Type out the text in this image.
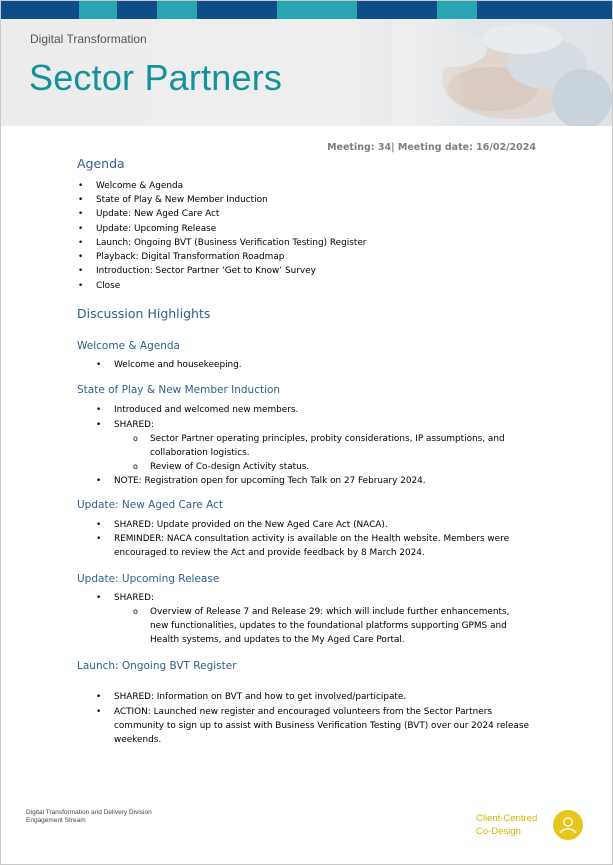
Digital Transformation
Sector Partners
Meeting: 34| Meeting date: 16/02/2024
Agenda
• Welcome & Agenda
• State of Play & New Member Induction
• Update: New Aged Care Act
• Update: Upcoming Release
• Launch: Ongoing BVT (Business Verification Testing) Register
• Playback: Digital Transformation Roadmap
• Introduction: Sector Partner ‘Get to Know’ Survey
• Close
Discussion Highlights
Welcome & Agenda
• Welcome and housekeeping.
State of Play & New Member Induction
• Introduced and welcomed new members.
• SHARED:
o Sector Partner operating principles, probity considerations, IP assumptions, and
collaboration logistics.
o Review of Co-design Activity status.
• NOTE: Registration open for upcoming Tech Talk on 27 February 2024.
Update: New Aged Care Act
• SHARED: Update provided on the New Aged Care Act (NACA).
• REMINDER: NACA consultation activity is available on the Health website. Members were
encouraged to review the Act and provide feedback by 8 March 2024.
Update: Upcoming Release
• SHARED:
o Overview of Release 7 and Release 29: which will include further enhancements,
new functionalities, updates to the foundational platforms supporting GPMS and
Health systems, and updates to the My Aged Care Portal.
Launch: Ongoing BVT Register
• SHARED: Information on BVT and how to get involved/participate.
• ACTION: Launched new register and encouraged volunteers from the Sector Partners
community to sign up to assist with Business Verification Testing (BVT) over our 2024 release
weekends.
Digital Transformation and Delivery Division
Engagement Stream	Client-Centred
Co-Design
